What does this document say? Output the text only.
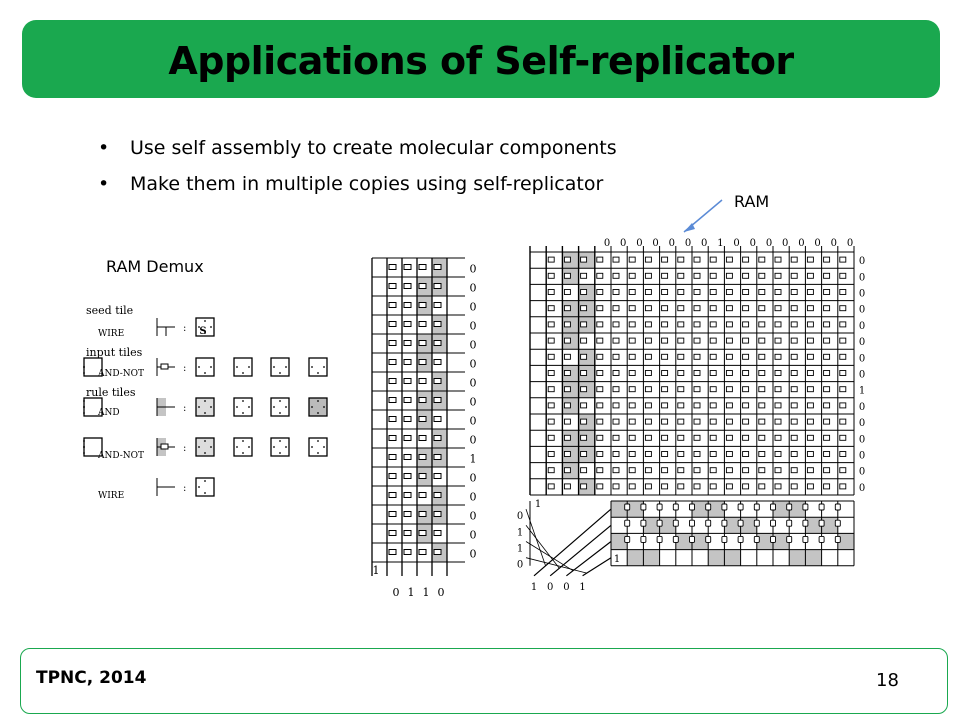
Applications of Self-replicator
• Use self assembly to create molecular components
• Make them in multiple copies using self-replicator
RAM Demux
RAM
seed tile
WIRE
input tiles
AND-NOT
rule tiles
AND
AND-NOT
WIRE
:
:
:
:
:
S
0
0
0
0
0
0
0
0
0
0
1
0
0
0
0
0
1
0 1 1 0
0
0
0
0
0
0
0
0
1
0
0
0
0
0
0
0 0 0 0 0 0 0 1 0 0 0 0 0 0 0 0
1
0
1
1
0
1 0 0 1
1
TPNC, 2014	18
